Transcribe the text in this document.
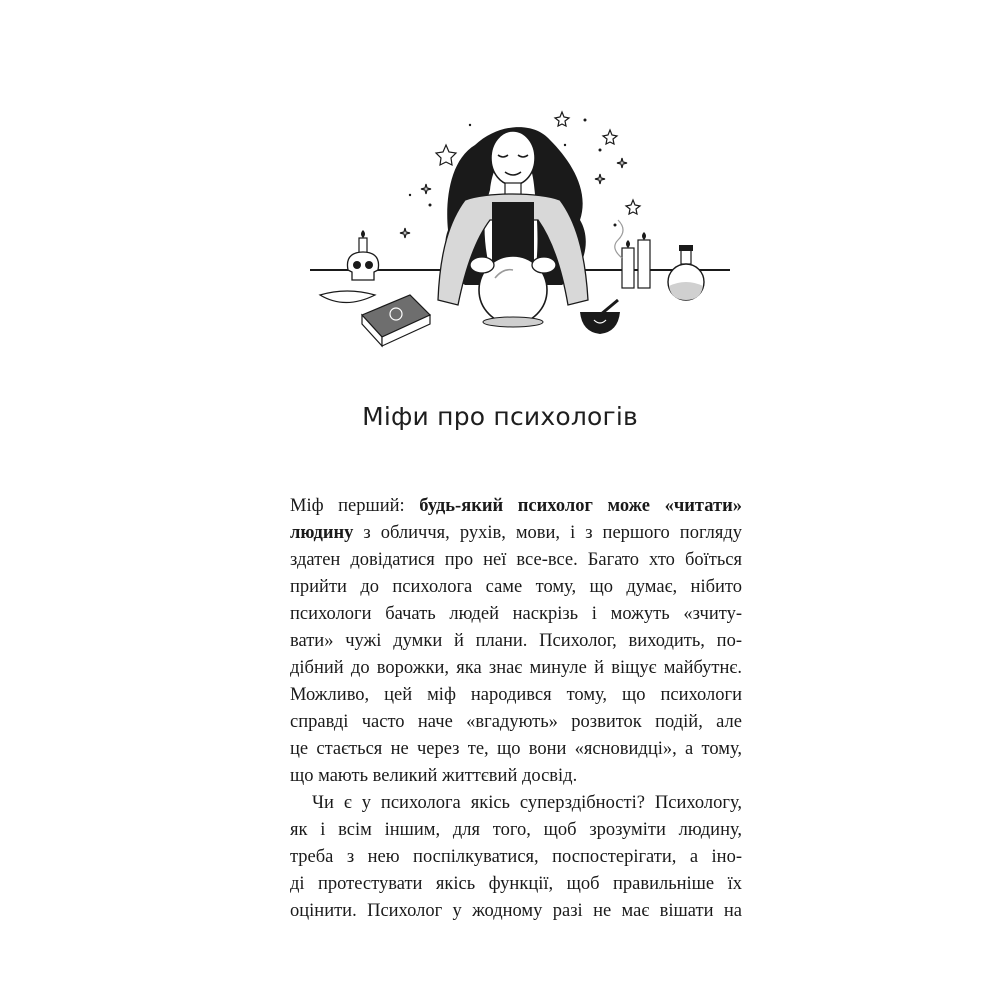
Міфи про психологів
Міф перший: будь-який психолог може «читати»
людину з обличчя, рухів, мови, і з першого погляду
здатен довідатися про неї все-все. Багато хто боїться
прийти до психолога саме тому, що думає, нібито
психологи бачать людей наскрізь і можуть «зчиту-
вати» чужі думки й плани. Психолог, виходить, по-
дібний до ворожки, яка знає минуле й віщує майбутнє.
Можливо, цей міф народився тому, що психологи
справді часто наче «вгадують» розвиток подій, але
це стається не через те, що вони «ясновидці», а тому,
що мають великий життєвий досвід.
Чи є у психолога якісь суперздібності? Психологу,
як і всім іншим, для того, щоб зрозуміти людину,
треба з нею поспілкуватися, поспостерігати, а іно-
ді протестувати якісь функції, щоб правильніше їх
оцінити. Психолог у жодному разі не має вішати на
